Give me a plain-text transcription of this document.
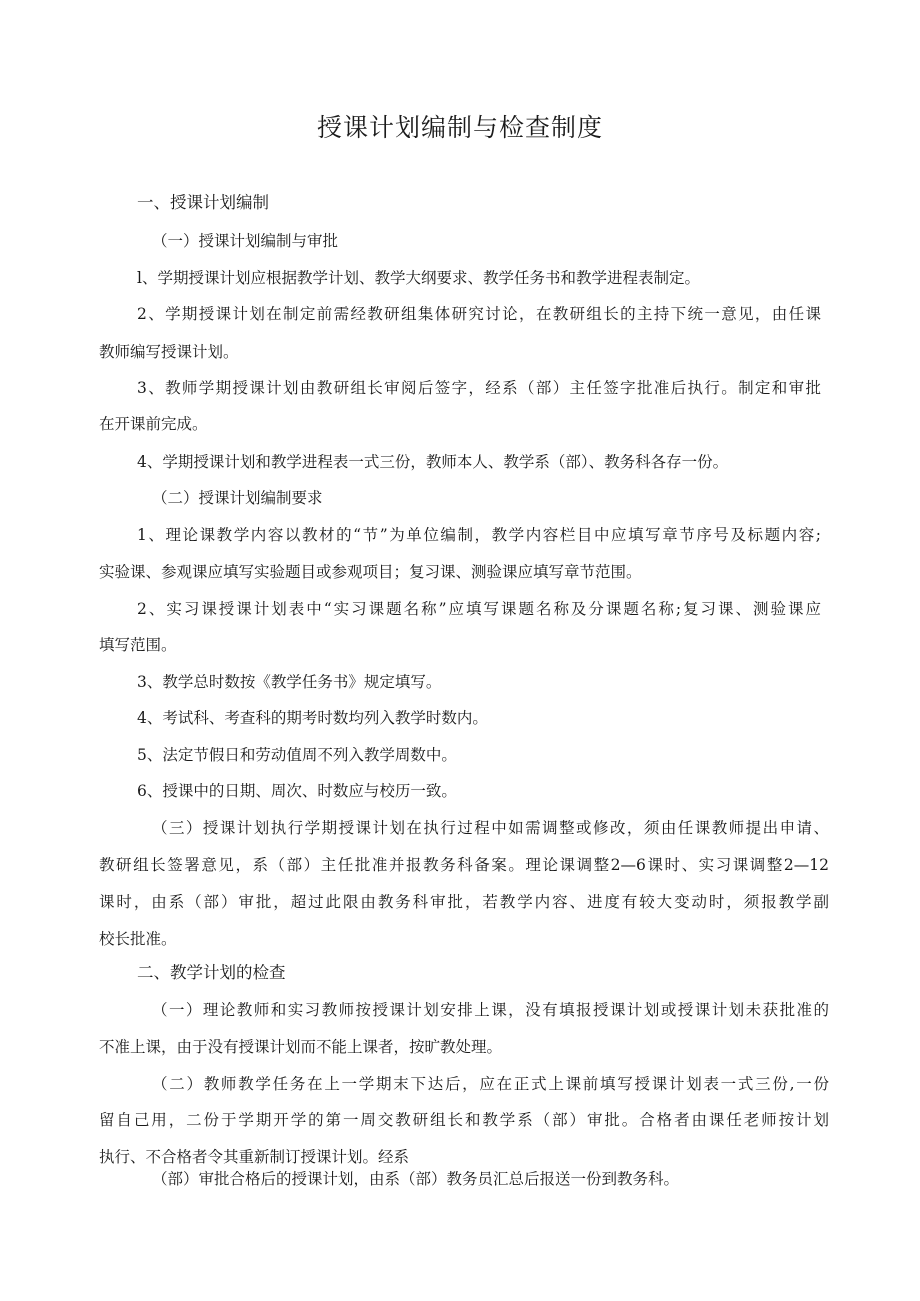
授课计划编制与检查制度
一、授课计划编制
（一）授课计划编制与审批
l、学期授课计划应根据教学计划、教学大纲要求、教学任务书和教学进程表制定。
2、学期授课计划在制定前需经教研组集体研究讨论，在教研组长的主持下统一意见，由任课
教师编写授课计划。
3、教师学期授课计划由教研组长审阅后签字，经系（部）主任签字批准后执行。制定和审批
在开课前完成。
4、学期授课计划和教学进程表一式三份，教师本人、教学系（部）、教务科各存一份。
（二）授课计划编制要求
1、理论课教学内容以教材的“节”为单位编制，教学内容栏目中应填写章节序号及标题内容;
实验课、参观课应填写实验题目或参观项目；复习课、测验课应填写章节范围。
2、实习课授课计划表中“实习课题名称”应填写课题名称及分课题名称;复习课、测验课应
填写范围。
3、教学总时数按《教学任务书》规定填写。
4、考试科、考查科的期考时数均列入教学时数内。
5、法定节假日和劳动值周不列入教学周数中。
6、授课中的日期、周次、时数应与校历一致。
（三）授课计划执行学期授课计划在执行过程中如需调整或修改，须由任课教师提出申请、
教研组长签署意见，系（部）主任批准并报教务科备案。理论课调整2—6课时、实习课调整2—12
课时，由系（部）审批，超过此限由教务科审批，若教学内容、进度有较大变动时，须报教学副
校长批准。
二、教学计划的检查
（一）理论教师和实习教师按授课计划安排上课，没有填报授课计划或授课计划未获批准的
不准上课，由于没有授课计划而不能上课者，按旷教处理。
（二）教师教学任务在上一学期末下达后，应在正式上课前填写授课计划表一式三份,一份
留自己用，二份于学期开学的第一周交教研组长和教学系（部）审批。合格者由课任老师按计划
执行、不合格者令其重新制订授课计划。经系
（部）审批合格后的授课计划，由系（部）教务员汇总后报送一份到教务科。
